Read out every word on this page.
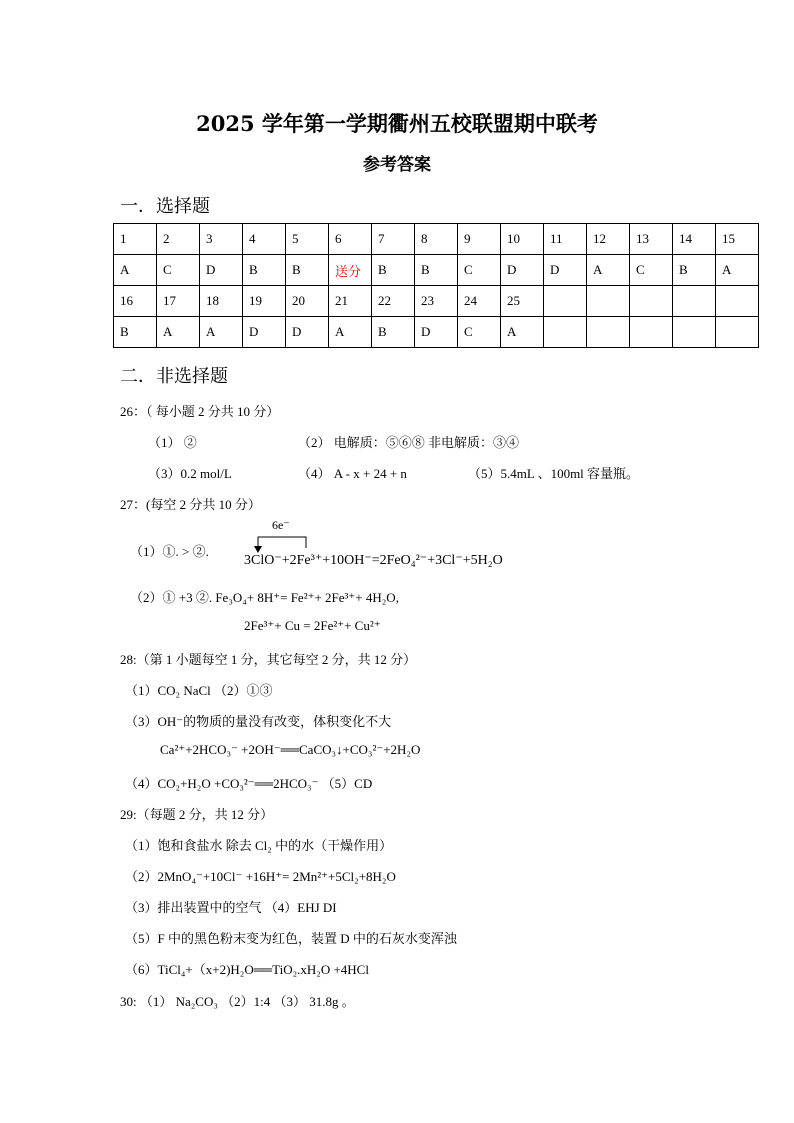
2025 学年第一学期衢州五校联盟期中联考
参考答案
一．选择题
1	2	3	4	5	6	7	8	9	10	11	12	13	14	15
A	C	D	B	B	送分	B	B	C	D	D	A	C	B	A
16	17	18	19	20	21	22	23	24	25					
B	A	A	D	D	A	B	D	C	A					
二．非选择题
26：（ 每小题 2 分共 10 分）
（1） ②	（2） 电解质：⑤⑥⑧ 非电解质：③④
（3）0.2 mol/L	（4） A - x + 24 + n	（5）5.4mL 、100ml 容量瓶。
27：(每空 2 分共 10 分）
（1）①. > ②.
6e⁻
3ClO⁻+2Fe³⁺+10OH⁻=2FeO₄²⁻+3Cl⁻+5H₂O
（2）① +3 ②. Fe₃O₄+ 8H⁺= Fe²⁺+ 2Fe³⁺+ 4H₂O,
2Fe³⁺+ Cu = 2Fe²⁺+ Cu²⁺
28:（第 1 小题每空 1 分，其它每空 2 分，共 12 分）
（1）CO₂ NaCl （2）①③
（3）OH⁻的物质的量没有改变，体积变化不大
Ca²⁺+2HCO₃⁻ +2OH⁻══CaCO₃↓+CO₃²⁻+2H₂O
（4）CO₂+H₂O +CO₃²⁻══2HCO₃⁻ （5）CD
29:（每题 2 分，共 12 分）
（1）饱和食盐水 除去 Cl₂ 中的水（干燥作用）
（2）2MnO₄⁻+10Cl⁻ +16H⁺= 2Mn²⁺+5Cl₂+8H₂O
（3）排出装置中的空气 （4）EHJ DI
（5）F 中的黑色粉末变为红色，装置 D 中的石灰水变浑浊
（6）TiCl₄+（x+2)H₂O══TiO₂.xH₂O +4HCl
30: （1） Na₂CO₃ （2）1:4 （3） 31.8g 。
